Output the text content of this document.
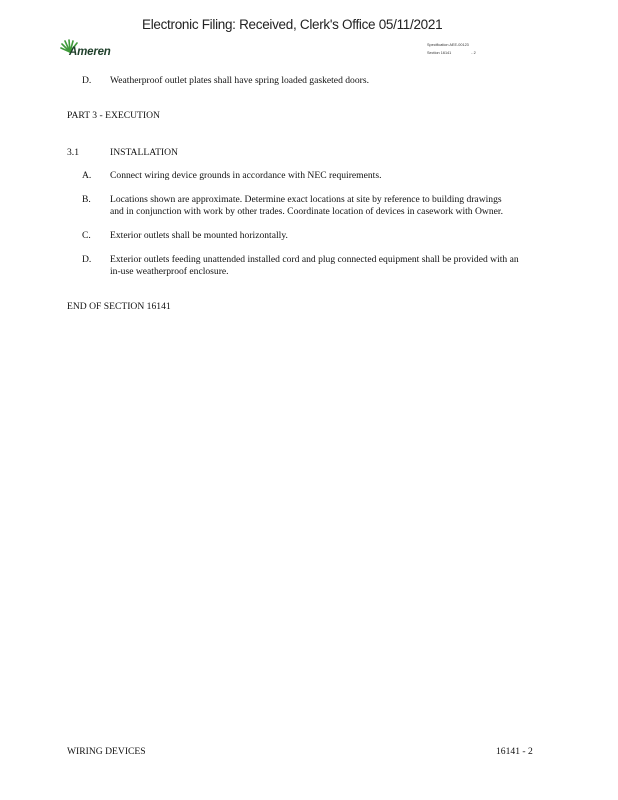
Electronic Filing: Received, Clerk's Office 05/11/2021
Ameren
Specification AEE-00123
Section 16141	- 2
D. Weatherproof outlet plates shall have spring loaded gasketed doors.
PART 3 - EXECUTION
3.1	INSTALLATION
A. Connect wiring device grounds in accordance with NEC requirements.
B. Locations shown are approximate. Determine exact locations at site by reference to building drawings
and in conjunction with work by other trades. Coordinate location of devices in casework with Owner.
C. Exterior outlets shall be mounted horizontally.
D. Exterior outlets feeding unattended installed cord and plug connected equipment shall be provided with an
in-use weatherproof enclosure.
END OF SECTION 16141
WIRING DEVICES	16141 - 2
